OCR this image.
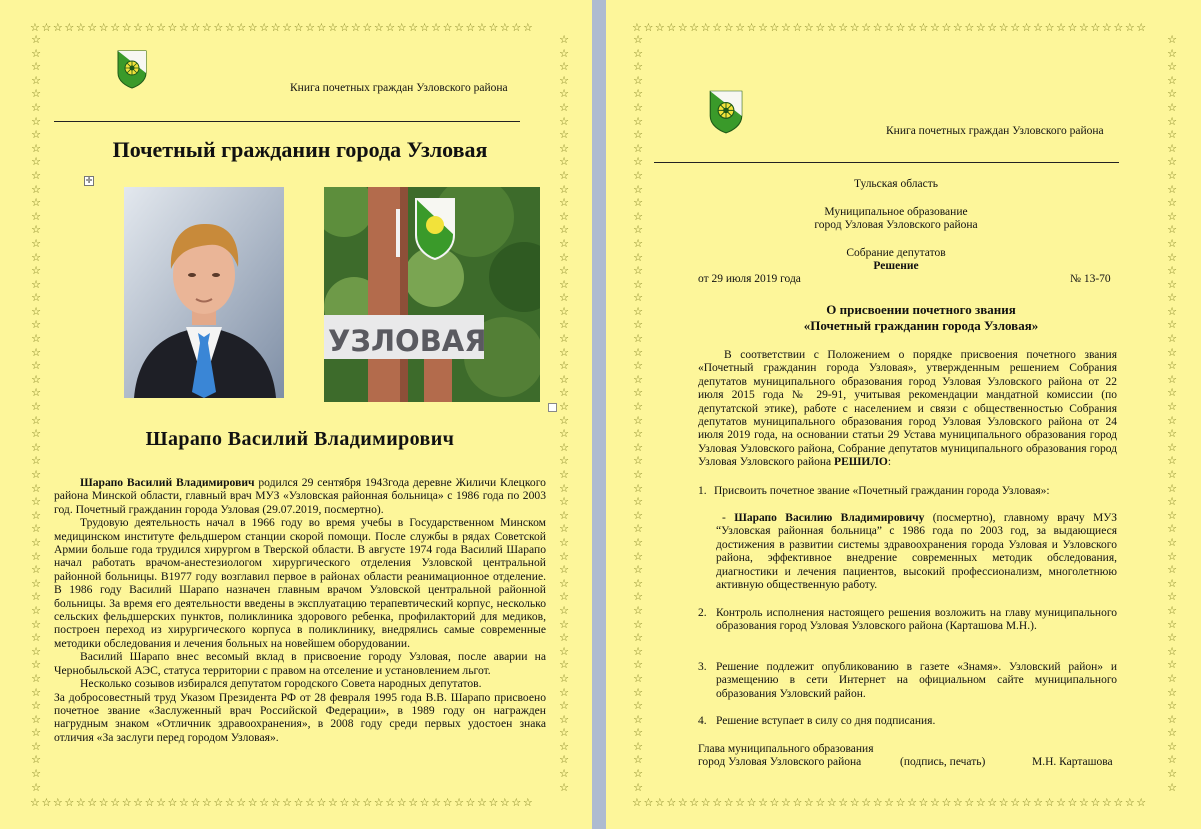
☆☆☆☆☆☆☆☆☆☆☆☆☆☆☆☆☆☆☆☆☆☆☆☆☆☆☆☆☆☆☆☆☆☆☆☆☆☆☆☆☆☆☆☆
☆☆☆☆☆☆☆☆☆☆☆☆☆☆☆☆☆☆☆☆☆☆☆☆☆☆☆☆☆☆☆☆☆☆☆☆☆☆☆☆☆☆☆☆
☆☆☆☆☆☆☆☆☆☆☆☆☆☆☆☆☆☆☆☆☆☆☆☆☆☆☆☆☆☆☆☆☆☆☆☆☆☆☆☆☆☆☆☆☆☆☆☆☆☆☆☆☆☆☆☆
☆☆☆☆☆☆☆☆☆☆☆☆☆☆☆☆☆☆☆☆☆☆☆☆☆☆☆☆☆☆☆☆☆☆☆☆☆☆☆☆☆☆☆☆☆☆☆☆☆☆☆☆☆☆☆☆
Книга почетных граждан Узловского района
Почетный гражданин города Узловая
✛
УЗЛОВАЯ
Шарапо Василий Владимирович

Шарапо Василий Владимирович родился 29 сентября 1943года деревне Жиличи Клецкого района Минской области, главный врач МУЗ «Узловская районная больница» с 1986 года по 2003 год. Почетный гражданин города Узловая (29.07.2019, посмертно).

Трудовую деятельность начал в 1966 году во время учебы в Государственном Минском медицинском институте фельдшером станции скорой помощи. После службы в рядах Советской Армии больше года трудился хирургом в Тверской области. В августе 1974 года Василий Шарапо начал работать врачом-анестезиологом хирургического отделения Узловской центральной районной больницы. В1977 году возглавил первое в районах области реанимационное отделение. В 1986 году Василий Шарапо назначен главным врачом Узловской центральной районной больницы. За время его деятельности введены в эксплуатацию терапевтический корпус, несколько сельских фельдшерских пунктов, поликлиника здорового ребенка, профилакторий для медиков, построен переход из хирургического корпуса в поликлинику, внедрялись самые современные методики обследования и лечения больных на новейшем оборудовании.

Василий Шарапо внес весомый вклад в присвоение городу Узловая, после аварии на Чернобыльской АЭС, статуса территории с правом на отселение и установлением льгот.

Несколько созывов избирался депутатом городского Совета народных депутатов.

За добросовестный труд Указом Президента РФ от 28 февраля 1995 года В.В. Шарапо присвоено почетное звание «Заслуженный врач Российской Федерации», в 1989 году он награжден нагрудным знаком «Отличник здравоохранения», в 2008 году среди первых удостоен знака отличия «За заслуги перед городом Узловая».

☆☆☆☆☆☆☆☆☆☆☆☆☆☆☆☆☆☆☆☆☆☆☆☆☆☆☆☆☆☆☆☆☆☆☆☆☆☆☆☆☆☆☆☆☆
☆☆☆☆☆☆☆☆☆☆☆☆☆☆☆☆☆☆☆☆☆☆☆☆☆☆☆☆☆☆☆☆☆☆☆☆☆☆☆☆☆☆☆☆☆
☆☆☆☆☆☆☆☆☆☆☆☆☆☆☆☆☆☆☆☆☆☆☆☆☆☆☆☆☆☆☆☆☆☆☆☆☆☆☆☆☆☆☆☆☆☆☆☆☆☆☆☆☆☆☆☆
☆☆☆☆☆☆☆☆☆☆☆☆☆☆☆☆☆☆☆☆☆☆☆☆☆☆☆☆☆☆☆☆☆☆☆☆☆☆☆☆☆☆☆☆☆☆☆☆☆☆☆☆☆☆☆☆
Книга почетных граждан Узловского района
Тульская область
Муниципальное образование
город Узловая Узловского района
Собрание депутатов
Решение
от 29 июля 2019 года	№ 13-70
О присвоении почетного звания
«Почетный гражданин города Узловая»

В соответствии с Положением о порядке присвоения почетного звания «Почетный гражданин города Узловая», утвержденным решением Собрания депутатов муниципального образования город Узловая Узловского района от 22 июля 2015 года № 29-91, учитывая рекомендации мандатной комиссии (по депутатской этике), работе с населением и связи с общественностью Собрания депутатов муниципального образования город Узловая Узловского района от 24 июля 2019 года, на основании статьи 29 Устава муниципального образования город Узловая Узловского района, Собрание депутатов муниципального образования город Узловая Узловского района РЕШИЛО:

1. Присвоить почетное звание «Почетный гражданин города Узловая»:

- Шарапо Василию Владимировичу (посмертно), главному врачу МУЗ “Узловская районная больница” с 1986 года по 2003 год, за выдающиеся достижения в развитии системы здравоохранения города Узловая и Узловского района, эффективное внедрение современных методик обследования, диагностики и лечения пациентов, высокий профессионализм, многолетнюю активную общественную работу.

2. Контроль исполнения настоящего решения возложить на главу муниципального образования город Узловая Узловского района (Карташова М.Н.).
3. Решение подлежит опубликованию в газете «Знамя». Узловский район» и размещению в сети Интернет на официальном сайте муниципального образования Узловский район.
4. Решение вступает в силу со дня подписания.
Глава муниципального образования
город Узловая Узловского района	(подпись, печать)	М.Н. Карташова
